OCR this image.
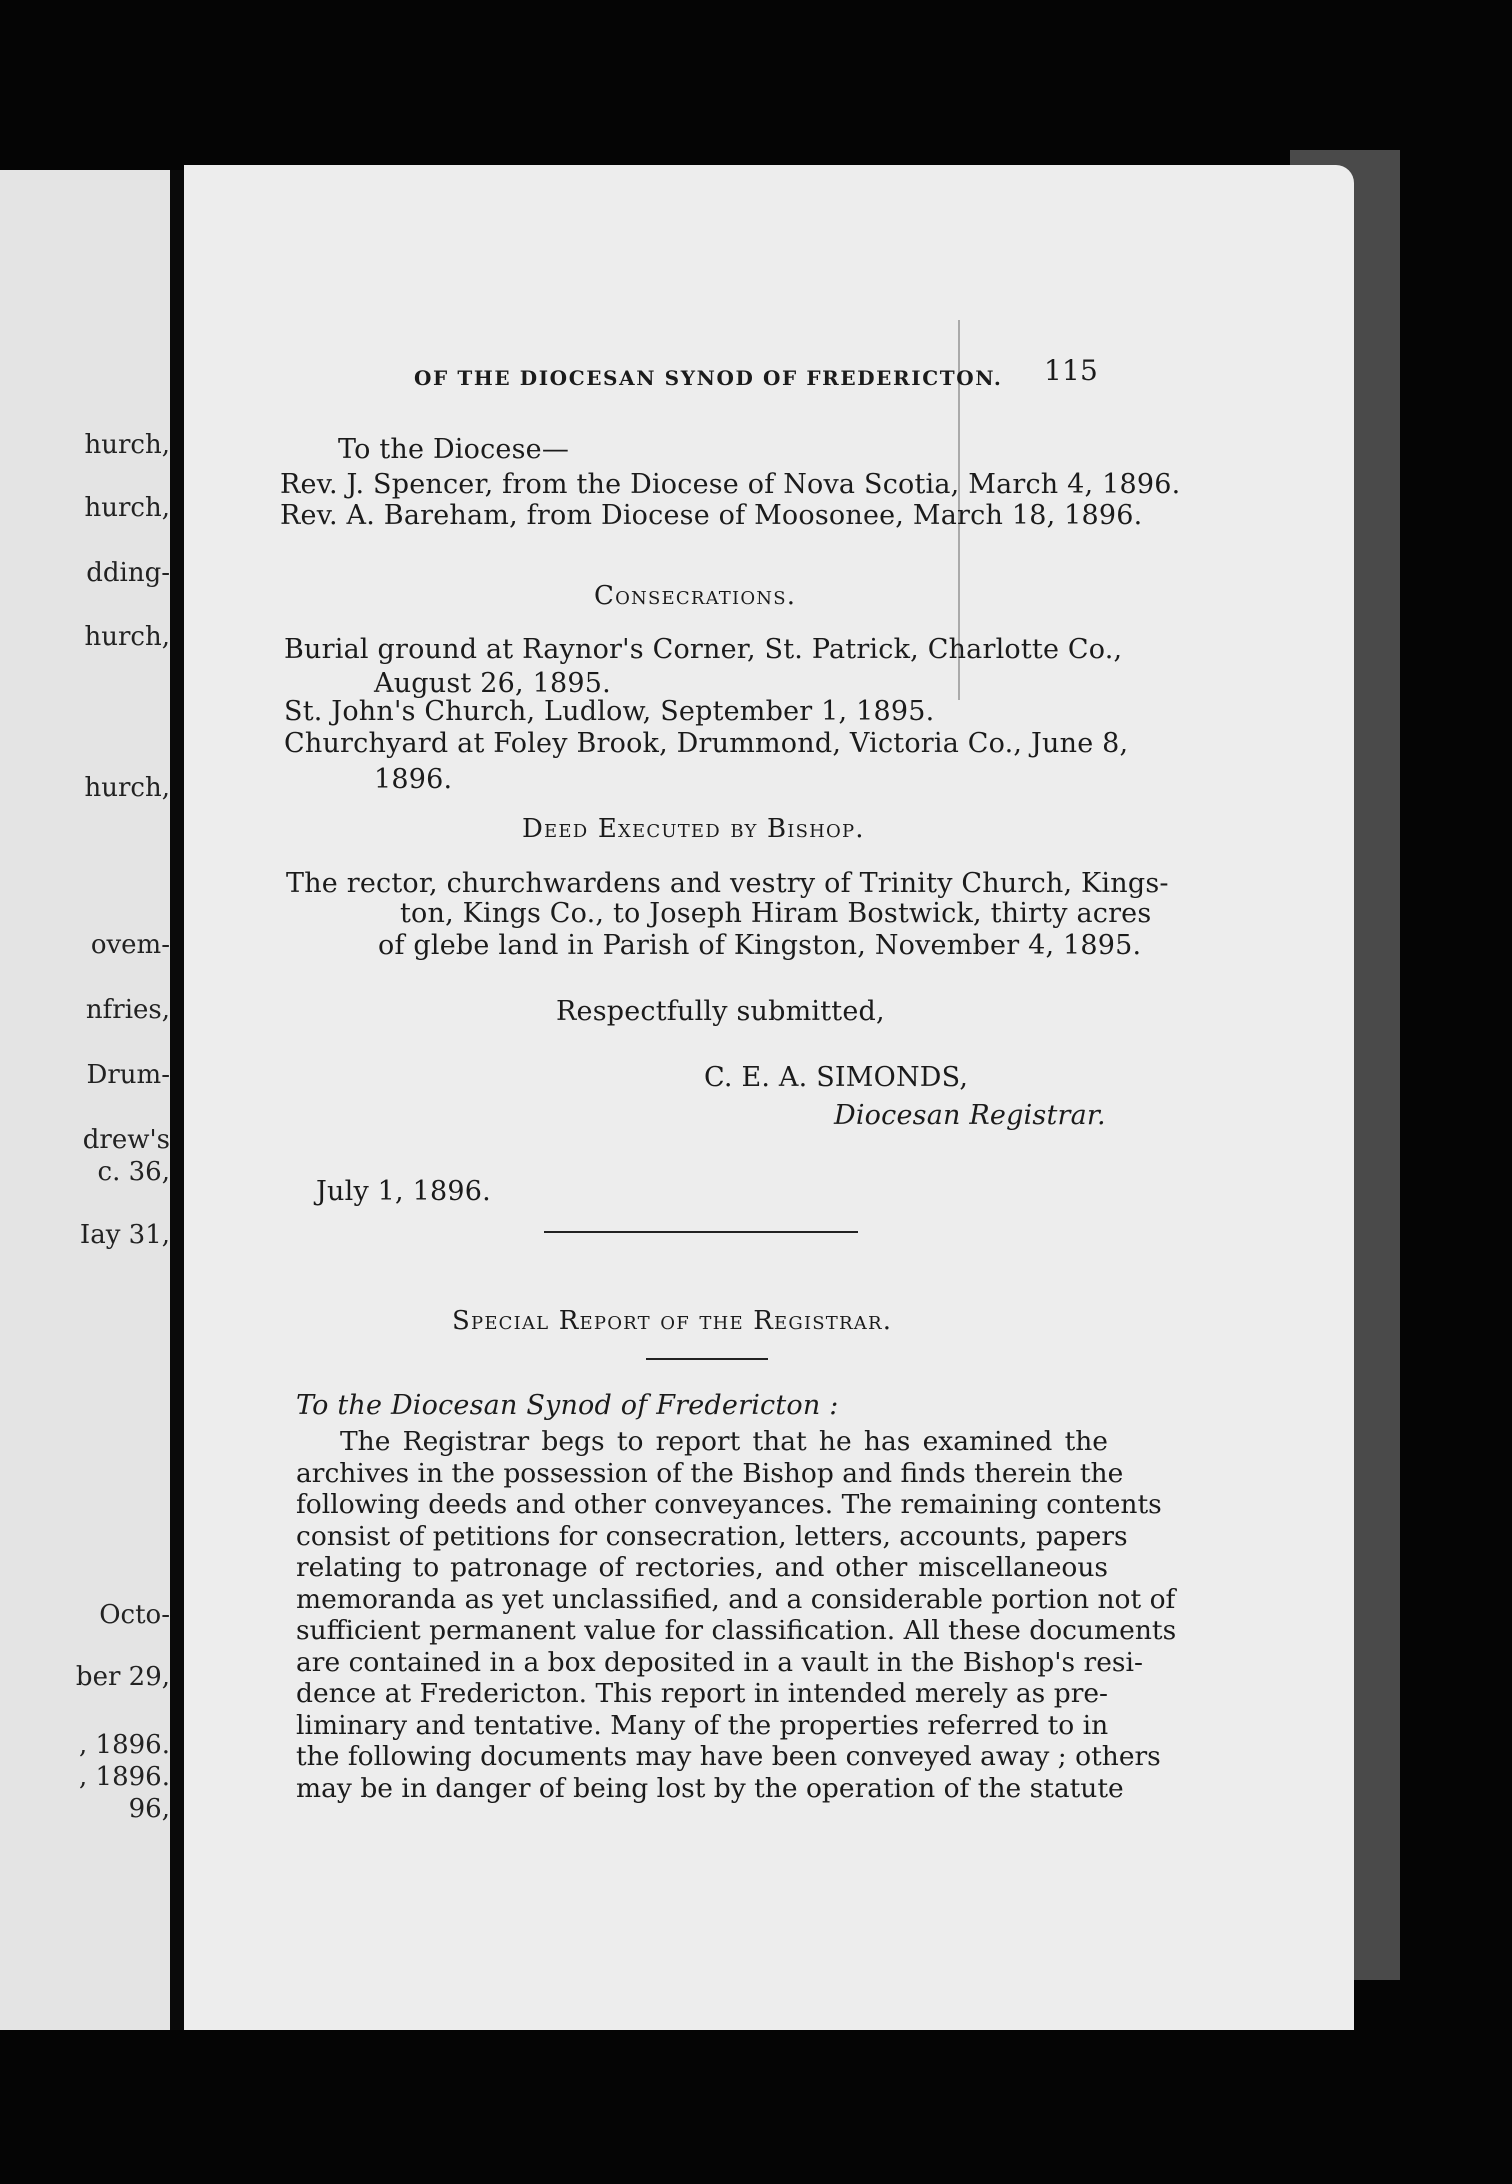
hurch,
hurch,
dding-
hurch,
hurch,
ovem-
nfries,
Drum-
drew's
c. 36,
Iay 31,
Octo-
ber 29,
, 1896.
, 1896.
96,
OF THE DIOCESAN SYNOD OF FREDERICTON. 115
To the Diocese—
Rev. J. Spencer, from the Diocese of Nova Scotia, March 4, 1896.
Rev. A. Bareham, from Diocese of Moosonee, March 18, 1896.
Consecrations.
Burial ground at Raynor's Corner, St. Patrick, Charlotte Co.,
August 26, 1895.
St. John's Church, Ludlow, September 1, 1895.
Churchyard at Foley Brook, Drummond, Victoria Co., June 8,
1896.
Deed Executed by Bishop.
The rector, churchwardens and vestry of Trinity Church, Kings-
ton, Kings Co., to Joseph Hiram Bostwick, thirty acres
of glebe land in Parish of Kingston, November 4, 1895.
Respectfully submitted,
C. E. A. SIMONDS,
Diocesan Registrar.
July 1, 1896.
Special Report of the Registrar.
To the Diocesan Synod of Fredericton :
The Registrar begs to report that he has examined the
archives in the possession of the Bishop and finds therein the
following deeds and other conveyances. The remaining contents
consist of petitions for consecration, letters, accounts, papers
relating to patronage of rectories, and other miscellaneous
memoranda as yet unclassified, and a considerable portion not of
sufficient permanent value for classification. All these documents
are contained in a box deposited in a vault in the Bishop's resi-
dence at Fredericton. This report in intended merely as pre-
liminary and tentative. Many of the properties referred to in
the following documents may have been conveyed away ; others
may be in danger of being lost by the operation of the statute
